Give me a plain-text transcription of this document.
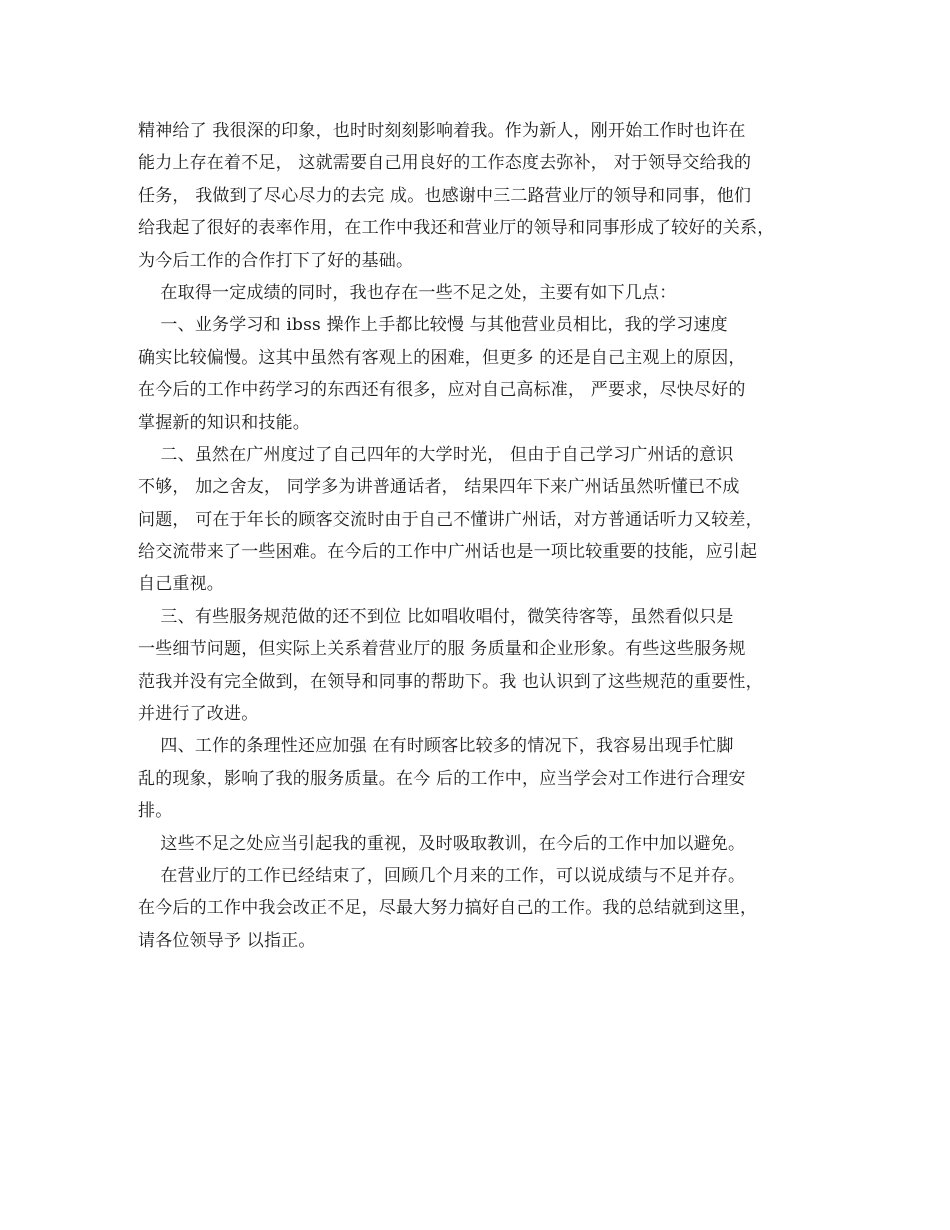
精神给了 我很深的印象，也时时刻刻影响着我。作为新人，刚开始工作时也许在
能力上存在着不足， 这就需要自己用良好的工作态度去弥补， 对于领导交给我的
任务， 我做到了尽心尽力的去完 成。也感谢中三二路营业厅的领导和同事，他们
给我起了很好的表率作用，在工作中我还和营业厅的领导和同事形成了较好的关系，
为今后工作的合作打下了好的基础。

在取得一定成绩的同时，我也存在一些不足之处，主要有如下几点：

一、业务学习和 ibss 操作上手都比较慢 与其他营业员相比，我的学习速度
确实比较偏慢。这其中虽然有客观上的困难，但更多 的还是自己主观上的原因，
在今后的工作中药学习的东西还有很多，应对自己高标准， 严要求，尽快尽好的
掌握新的知识和技能。

二、虽然在广州度过了自己四年的大学时光， 但由于自己学习广州话的意识
不够， 加之舍友， 同学多为讲普通话者， 结果四年下来广州话虽然听懂已不成
问题， 可在于年长的顾客交流时由于自己不懂讲广州话，对方普通话听力又较差，
给交流带来了一些困难。在今后的工作中广州话也是一项比较重要的技能，应引起
自己重视。

三、有些服务规范做的还不到位 比如唱收唱付，微笑待客等，虽然看似只是
一些细节问题，但实际上关系着营业厅的服 务质量和企业形象。有些这些服务规
范我并没有完全做到，在领导和同事的帮助下。我 也认识到了这些规范的重要性，
并进行了改进。

四、工作的条理性还应加强 在有时顾客比较多的情况下，我容易出现手忙脚
乱的现象，影响了我的服务质量。在今 后的工作中，应当学会对工作进行合理安
排。

这些不足之处应当引起我的重视，及时吸取教训，在今后的工作中加以避免。

在营业厅的工作已经结束了，回顾几个月来的工作，可以说成绩与不足并存。
在今后的工作中我会改正不足，尽最大努力搞好自己的工作。我的总结就到这里，
请各位领导予 以指正。
